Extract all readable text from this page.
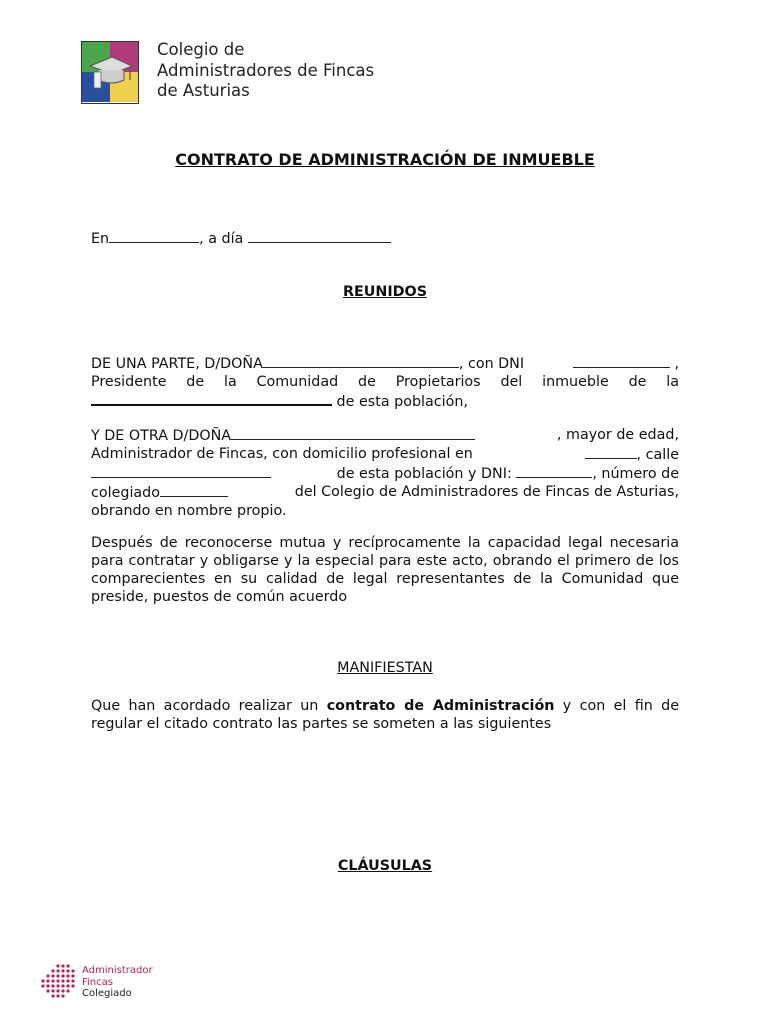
Colegio de
Administradores de Fincas
de Asturias
CONTRATO DE ADMINISTRACIÓN DE INMUEBLE
En	, a día
REUNIDOS
DE UNA PARTE, D/DOÑA	, con DNI	,
Presidente de la Comunidad de Propietarios del inmueble de la
de esta población,
Y DE OTRA D/DOÑA	, mayor de edad,
Administrador de Fincas, con domicilio profesional en	, calle
de esta población y DNI:	, número de
colegiado	del Colegio de Administradores de Fincas de Asturias,
obrando en nombre propio.
Después de reconocerse mutua y recíprocamente la capacidad legal necesaria para contratar y obligarse y la especial para este acto, obrando el primero de los comparecientes en su calidad de legal representantes de la Comunidad que preside, puestos de común acuerdo
MANIFIESTAN
Que han acordado realizar un contrato de Administración y con el fin de regular el citado contrato las partes se someten a las siguientes
CLÁUSULAS
Administrador
Fincas
Colegiado
